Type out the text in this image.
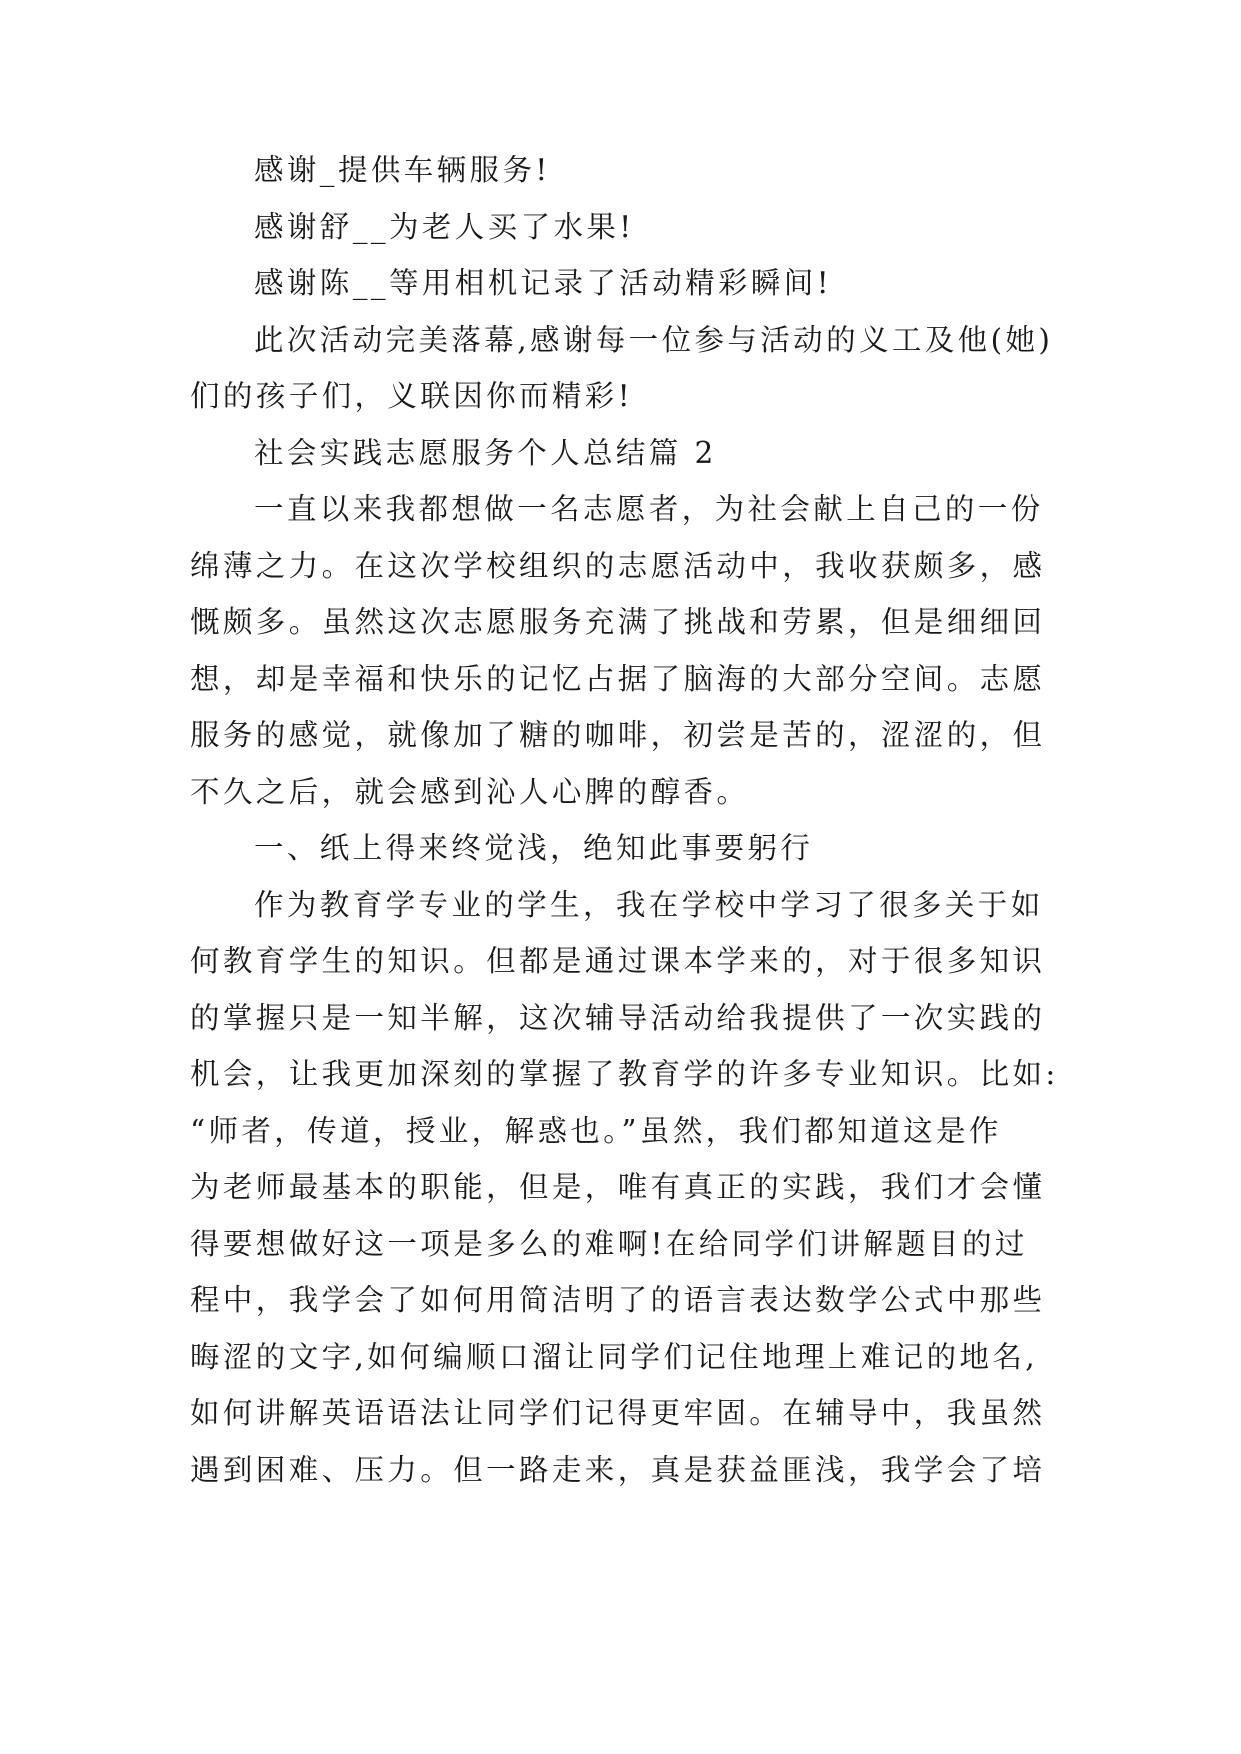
感谢_提供车辆服务!
感谢舒__为老人买了水果!
感谢陈__等用相机记录了活动精彩瞬间!
此次活动完美落幕,感谢每一位参与活动的义工及他(她)
们的孩子们，义联因你而精彩!
社会实践志愿服务个人总结篇 2
一直以来我都想做一名志愿者，为社会献上自己的一份
绵薄之力。在这次学校组织的志愿活动中，我收获颇多，感
慨颇多。虽然这次志愿服务充满了挑战和劳累，但是细细回
想，却是幸福和快乐的记忆占据了脑海的大部分空间。志愿
服务的感觉，就像加了糖的咖啡，初尝是苦的，涩涩的，但
不久之后，就会感到沁人心脾的醇香。
一、纸上得来终觉浅，绝知此事要躬行
作为教育学专业的学生，我在学校中学习了很多关于如
何教育学生的知识。但都是通过课本学来的，对于很多知识
的掌握只是一知半解，这次辅导活动给我提供了一次实践的
机会，让我更加深刻的掌握了教育学的许多专业知识。比如:
“师者，传道，授业，解惑也。”虽然，我们都知道这是作
为老师最基本的职能，但是，唯有真正的实践，我们才会懂
得要想做好这一项是多么的难啊!在给同学们讲解题目的过
程中，我学会了如何用简洁明了的语言表达数学公式中那些
晦涩的文字,如何编顺口溜让同学们记住地理上难记的地名,
如何讲解英语语法让同学们记得更牢固。在辅导中，我虽然
遇到困难、压力。但一路走来，真是获益匪浅，我学会了培
